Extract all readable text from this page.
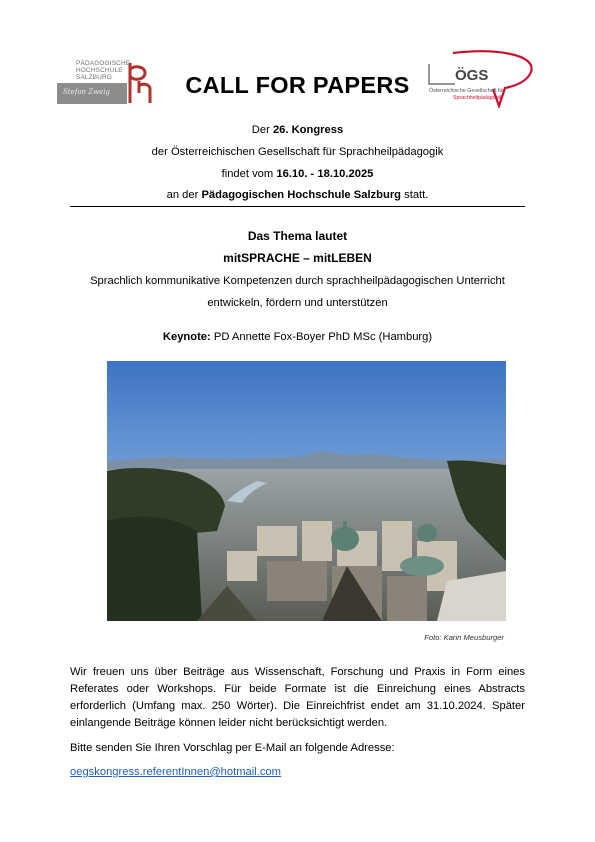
PÄDAGOGISCHE
HOCHSCHULE
SALZBURG
Stefan Zweig	CALL FOR PAPERS	ÖGS
Österreichische Gesellschaft für
Sprachheilpädagogik
Der 26. Kongress
der Österreichischen Gesellschaft für Sprachheilpädagogik
findet vom 16.10. - 18.10.2025
an der Pädagogischen Hochschule Salzburg statt.
Das Thema lautet
mitSPRACHE – mitLEBEN
Sprachlich kommunikative Kompetenzen durch sprachheilpädagogischen Unterricht
entwickeln, fördern und unterstützen
Keynote: PD Annette Fox-Boyer PhD MSc (Hamburg)
Foto: Karin Meusburger
Wir freuen uns über Beiträge aus Wissenschaft, Forschung und Praxis in Form eines Referates oder Workshops. Für beide Formate ist die Einreichung eines Abstracts erforderlich (Umfang max. 250 Wörter). Die Einreichfrist endet am 31.10.2024. Später einlangende Beiträge können leider nicht berücksichtigt werden.
Bitte senden Sie Ihren Vorschlag per E-Mail an folgende Adresse:
oegskongress.referentInnen@hotmail.com
